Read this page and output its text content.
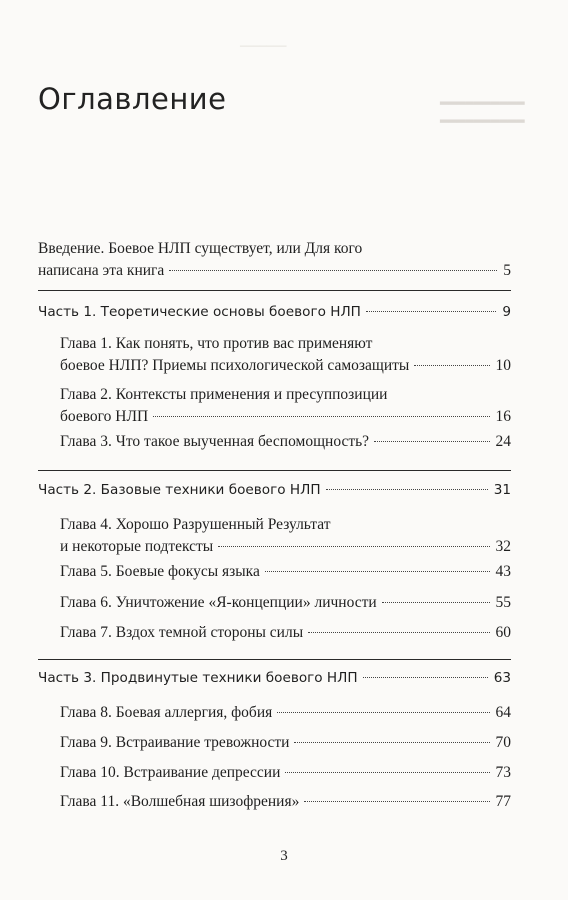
───────
▂▂▂▂▂▂▂▂▂▂
▂▂▂▂▂▂▂▂▂▂
Оглавление
Введение. Боевое НЛП существует, или Для кого
написана эта книга	5
Часть 1. Теоретические основы боевого НЛП	9
Глава 1. Как понять, что против вас применяют
боевое НЛП? Приемы психологической самозащиты	10
Глава 2. Контексты применения и пресуппозиции
боевого НЛП	16
Глава 3. Что такое выученная беспомощность?	24
Часть 2. Базовые техники боевого НЛП	31
Глава 4. Хорошо Разрушенный Результат
и некоторые подтексты	32
Глава 5. Боевые фокусы языка	43
Глава 6. Уничтожение «Я-концепции» личности	55
Глава 7. Вздох темной стороны силы	60
Часть 3. Продвинутые техники боевого НЛП	63
Глава 8. Боевая аллергия, фобия	64
Глава 9. Встраивание тревожности	70
Глава 10. Встраивание депрессии	73
Глава 11. «Волшебная шизофрения»	77
3
